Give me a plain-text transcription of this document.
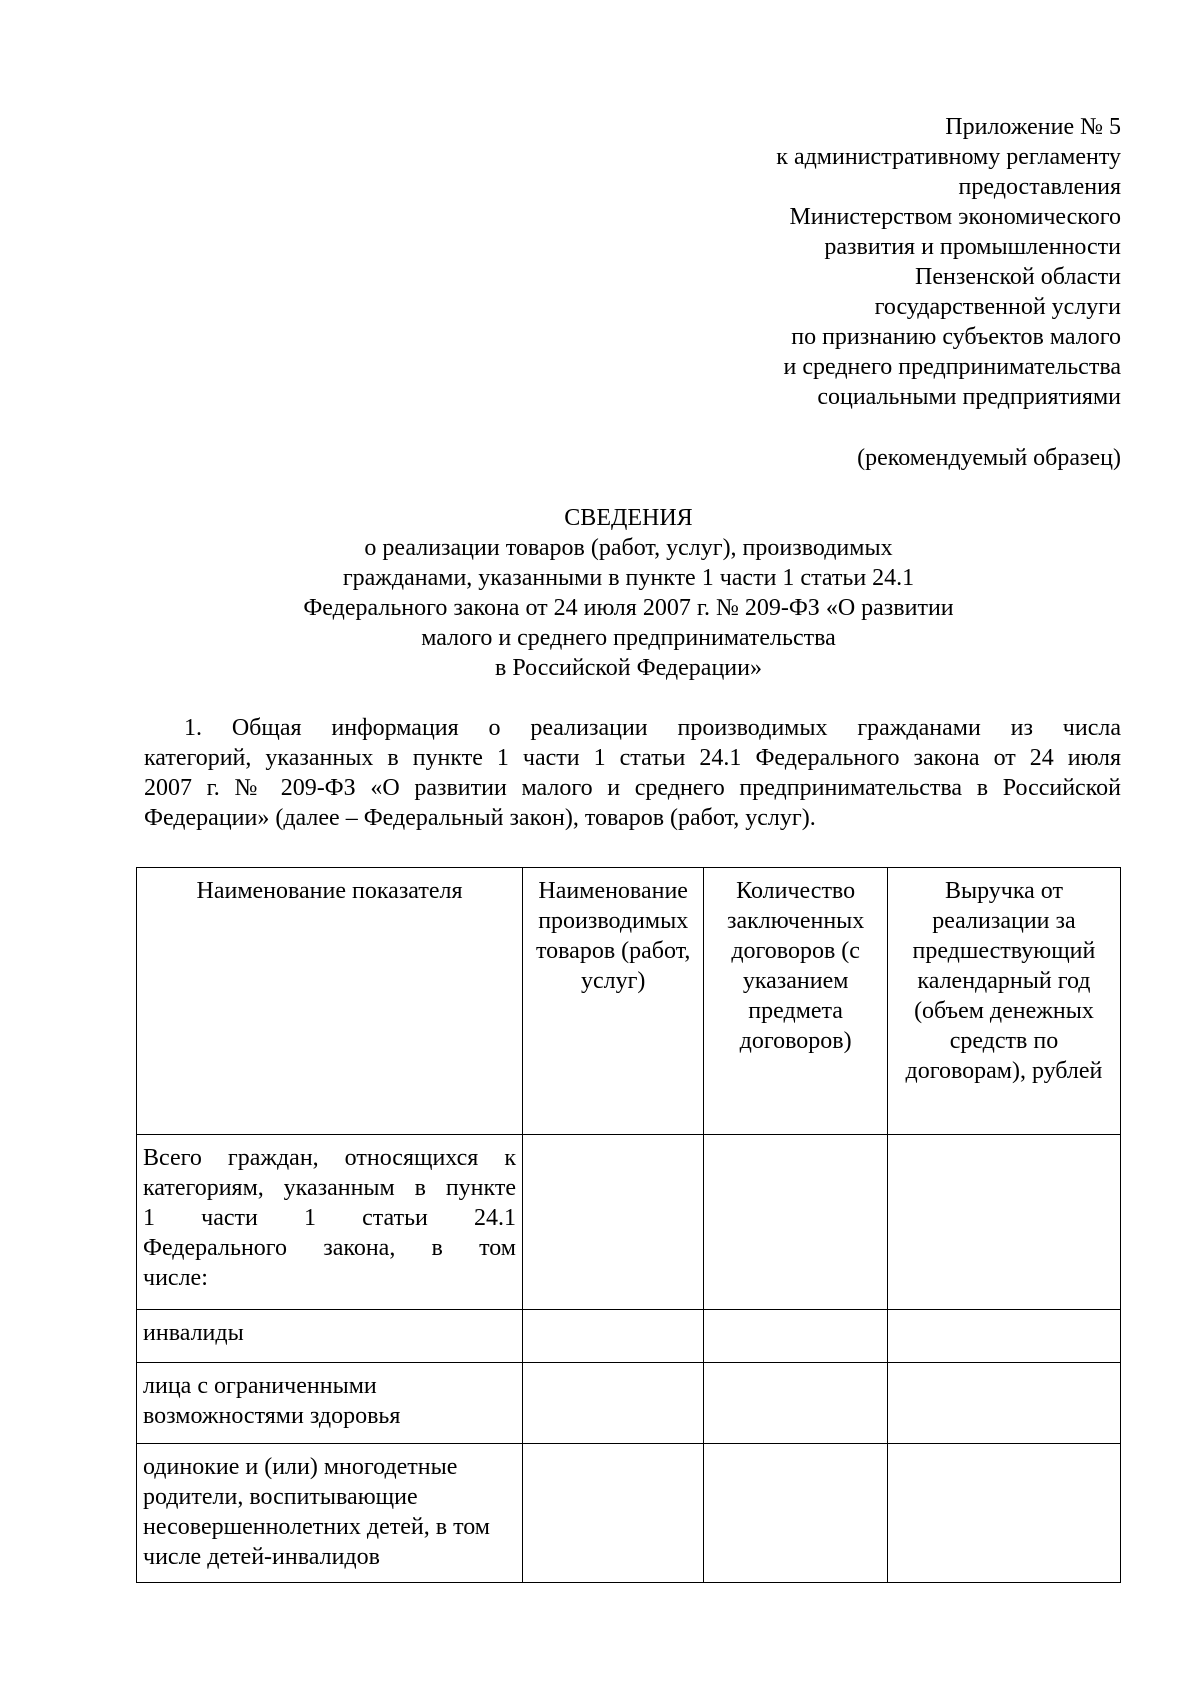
Приложение № 5
к административному регламенту
предоставления
Министерством экономического
развития и промышленности
Пензенской области
государственной услуги
по признанию субъектов малого
и среднего предпринимательства
социальными предприятиями
(рекомендуемый образец)
СВЕДЕНИЯ
о реализации товаров (работ, услуг), производимых
гражданами, указанными в пункте 1 части 1 статьи 24.1
Федерального закона от 24 июля 2007 г. № 209-ФЗ «О развитии
малого и среднего предпринимательства
в Российской Федерации»
1. Общая информация о реализации производимых гражданами из числа
категорий, указанных в пункте 1 части 1 статьи 24.1 Федерального закона от 24 июля
2007 г. № 209-ФЗ «О развитии малого и среднего предпринимательства в Российской
Федерации» (далее – Федеральный закон), товаров (работ, услуг).
Наименование показателя	Наименование производимых товаров (работ, услуг)	Количество заключенных договоров (с указанием предмета договоров)	Выручка от реализации за предшествующий календарный год (объем денежных средств по договорам), рублей

Всего граждан, относящихся к
категориям, указанным в пункте
1 части 1 статьи 24.1
Федерального закона, в том
числе:			

инвалиды			
лица с ограниченными возможностями здоровья			
одинокие и (или) многодетные родители, воспитывающие несовершеннолетних детей, в том числе детей-инвалидов			
